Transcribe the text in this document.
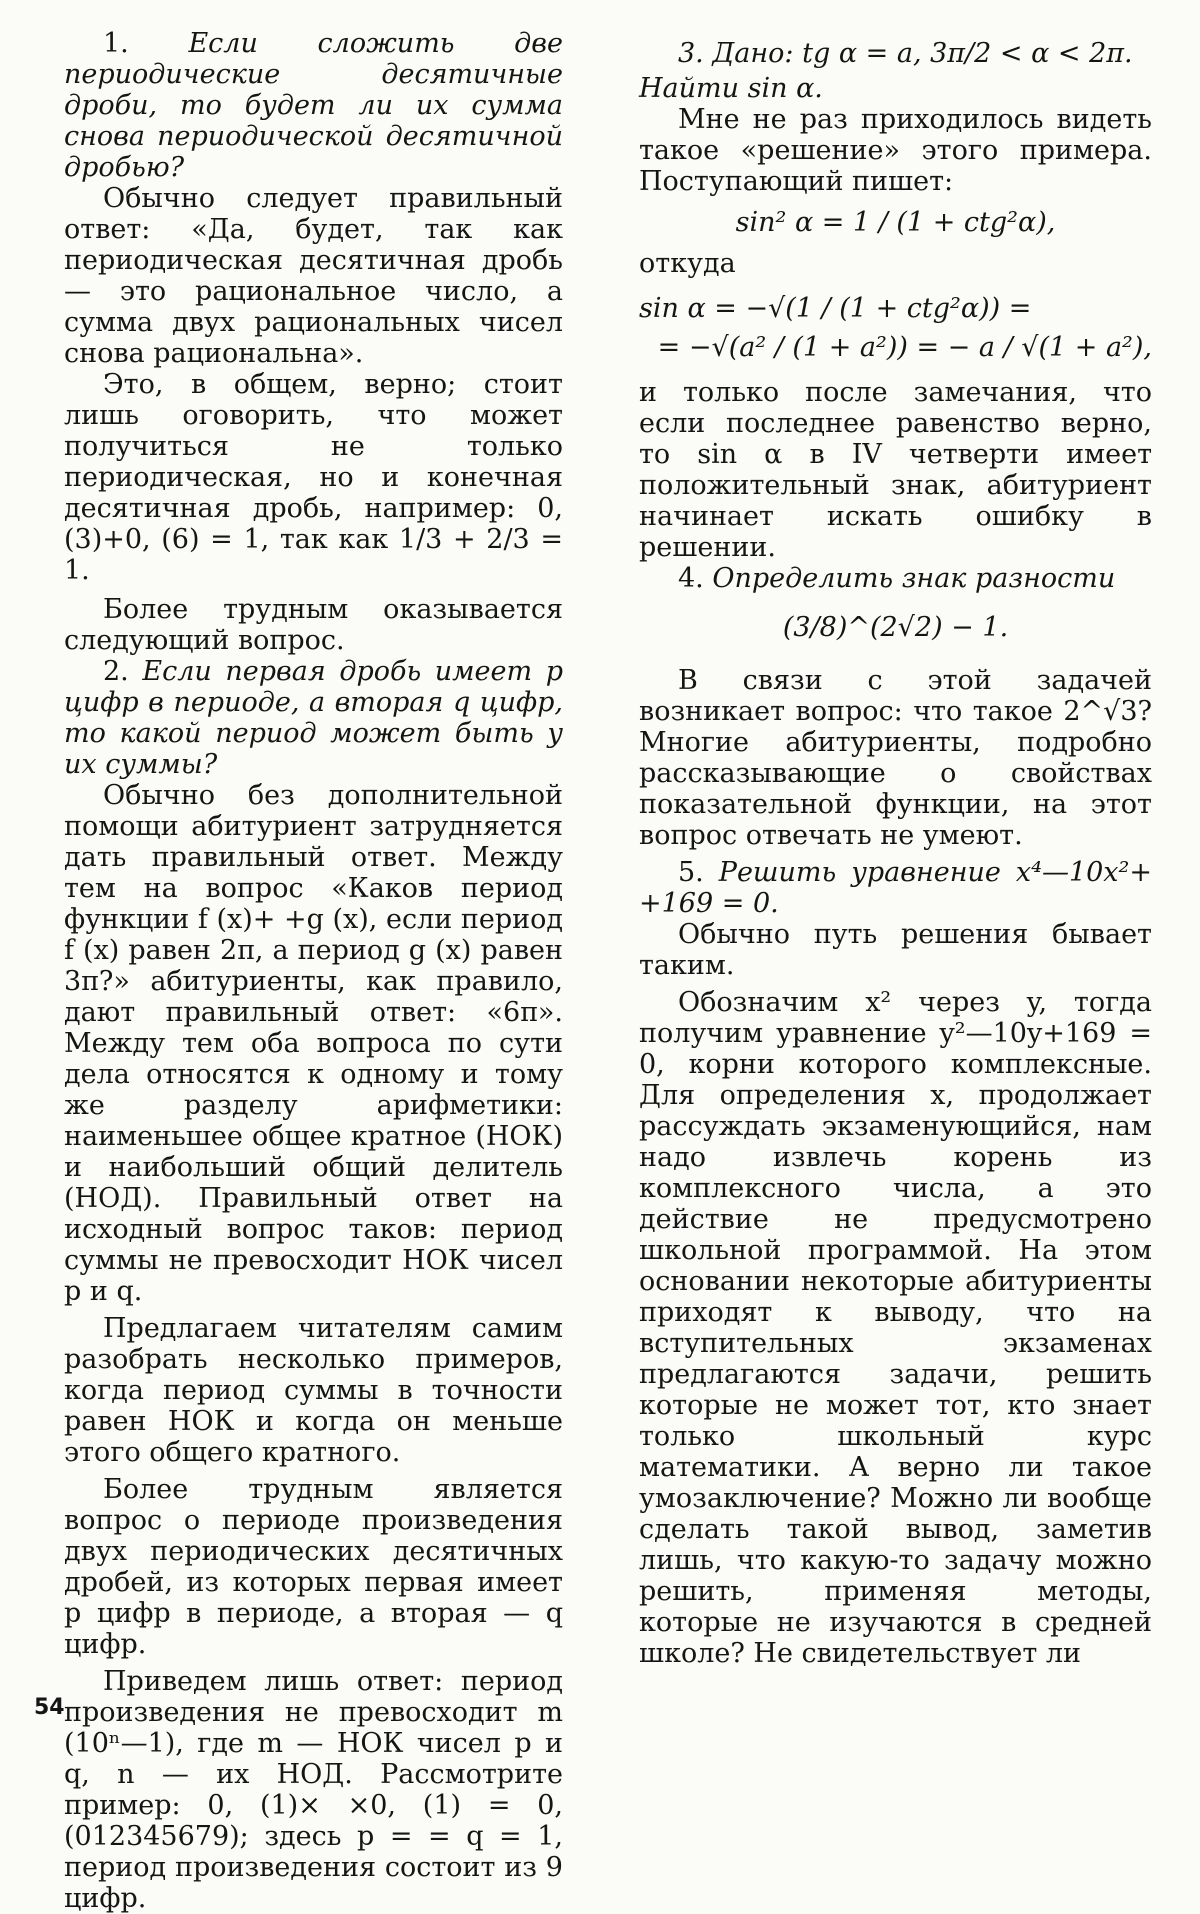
1. Если сложить две периодические десятичные дроби, то будет ли их сумма снова периодической десятичной дробью?

Обычно следует правильный ответ: «Да, будет, так как периодическая десятичная дробь — это рациональное число, а сумма двух рациональных чисел снова рациональна».

Это, в общем, верно; стоит лишь оговорить, что может получиться не только периодическая, но и конечная десятичная дробь, например: 0, (3)+0, (6) = 1, так как 1/3 + 2/3 = 1.

Более трудным оказывается следующий вопрос.

2. Если первая дробь имеет p цифр в периоде, а вторая q цифр, то какой период может быть у их суммы?

Обычно без дополнительной помощи абитуриент затрудняется дать правильный ответ. Между тем на вопрос «Каков период функции f (x)+ +g (x), если период f (x) равен 2π, а период g (x) равен 3π?» абитуриенты, как правило, дают правильный ответ: «6π». Между тем оба вопроса по сути дела относятся к одному и тому же разделу арифметики: наименьшее общее кратное (НОК) и наибольший общий делитель (НОД). Правильный ответ на исходный вопрос таков: период суммы не превосходит НОК чисел p и q.

Предлагаем читателям самим разобрать несколько примеров, когда период суммы в точности равен НОК и когда он меньше этого общего кратного.

Более трудным является вопрос о периоде произведения двух периодических десятичных дробей, из которых первая имеет p цифр в периоде, а вторая — q цифр.

Приведем лишь ответ: период произведения не превосходит m (10ⁿ—1), где m — НОК чисел p и q, n — их НОД. Рассмотрите пример: 0, (1)× ×0, (1) = 0, (012345679); здесь p = = q = 1, период произведения состоит из 9 цифр.

3. Дано: tg α = a, 3π/2 < α < 2π.

Найти sin α.

Мне не раз приходилось видеть такое «решение» этого примера. Поступающий пишет:

sin² α = 1 / (1 + ctg²α),

откуда

sin α = −√(1 / (1 + ctg²α)) =

= −√(a² / (1 + a²)) = − a / √(1 + a²),

и только после замечания, что если последнее равенство верно, то sin α в IV четверти имеет положительный знак, абитуриент начинает искать ошибку в решении.

4. Определить знак разности

(3/8)^(2√2) − 1.

В связи с этой задачей возникает вопрос: что такое 2^√3? Многие абитуриенты, подробно рассказывающие о свойствах показательной функции, на этот вопрос отвечать не умеют.

5. Решить уравнение x⁴—10x²+ +169 = 0.

Обычно путь решения бывает таким.

Обозначим x² через y, тогда получим уравнение y²—10y+169 = 0, корни которого комплексные. Для определения x, продолжает рассуждать экзаменующийся, нам надо извлечь корень из комплексного числа, а это действие не предусмотрено школьной программой. На этом основании некоторые абитуриенты приходят к выводу, что на вступительных экзаменах предлагаются задачи, решить которые не может тот, кто знает только школьный курс математики. А верно ли такое умозаключение? Можно ли вообще сделать такой вывод, заметив лишь, что какую-то задачу можно решить, применяя методы, которые не изучаются в средней школе? Не свидетельствует ли

54
